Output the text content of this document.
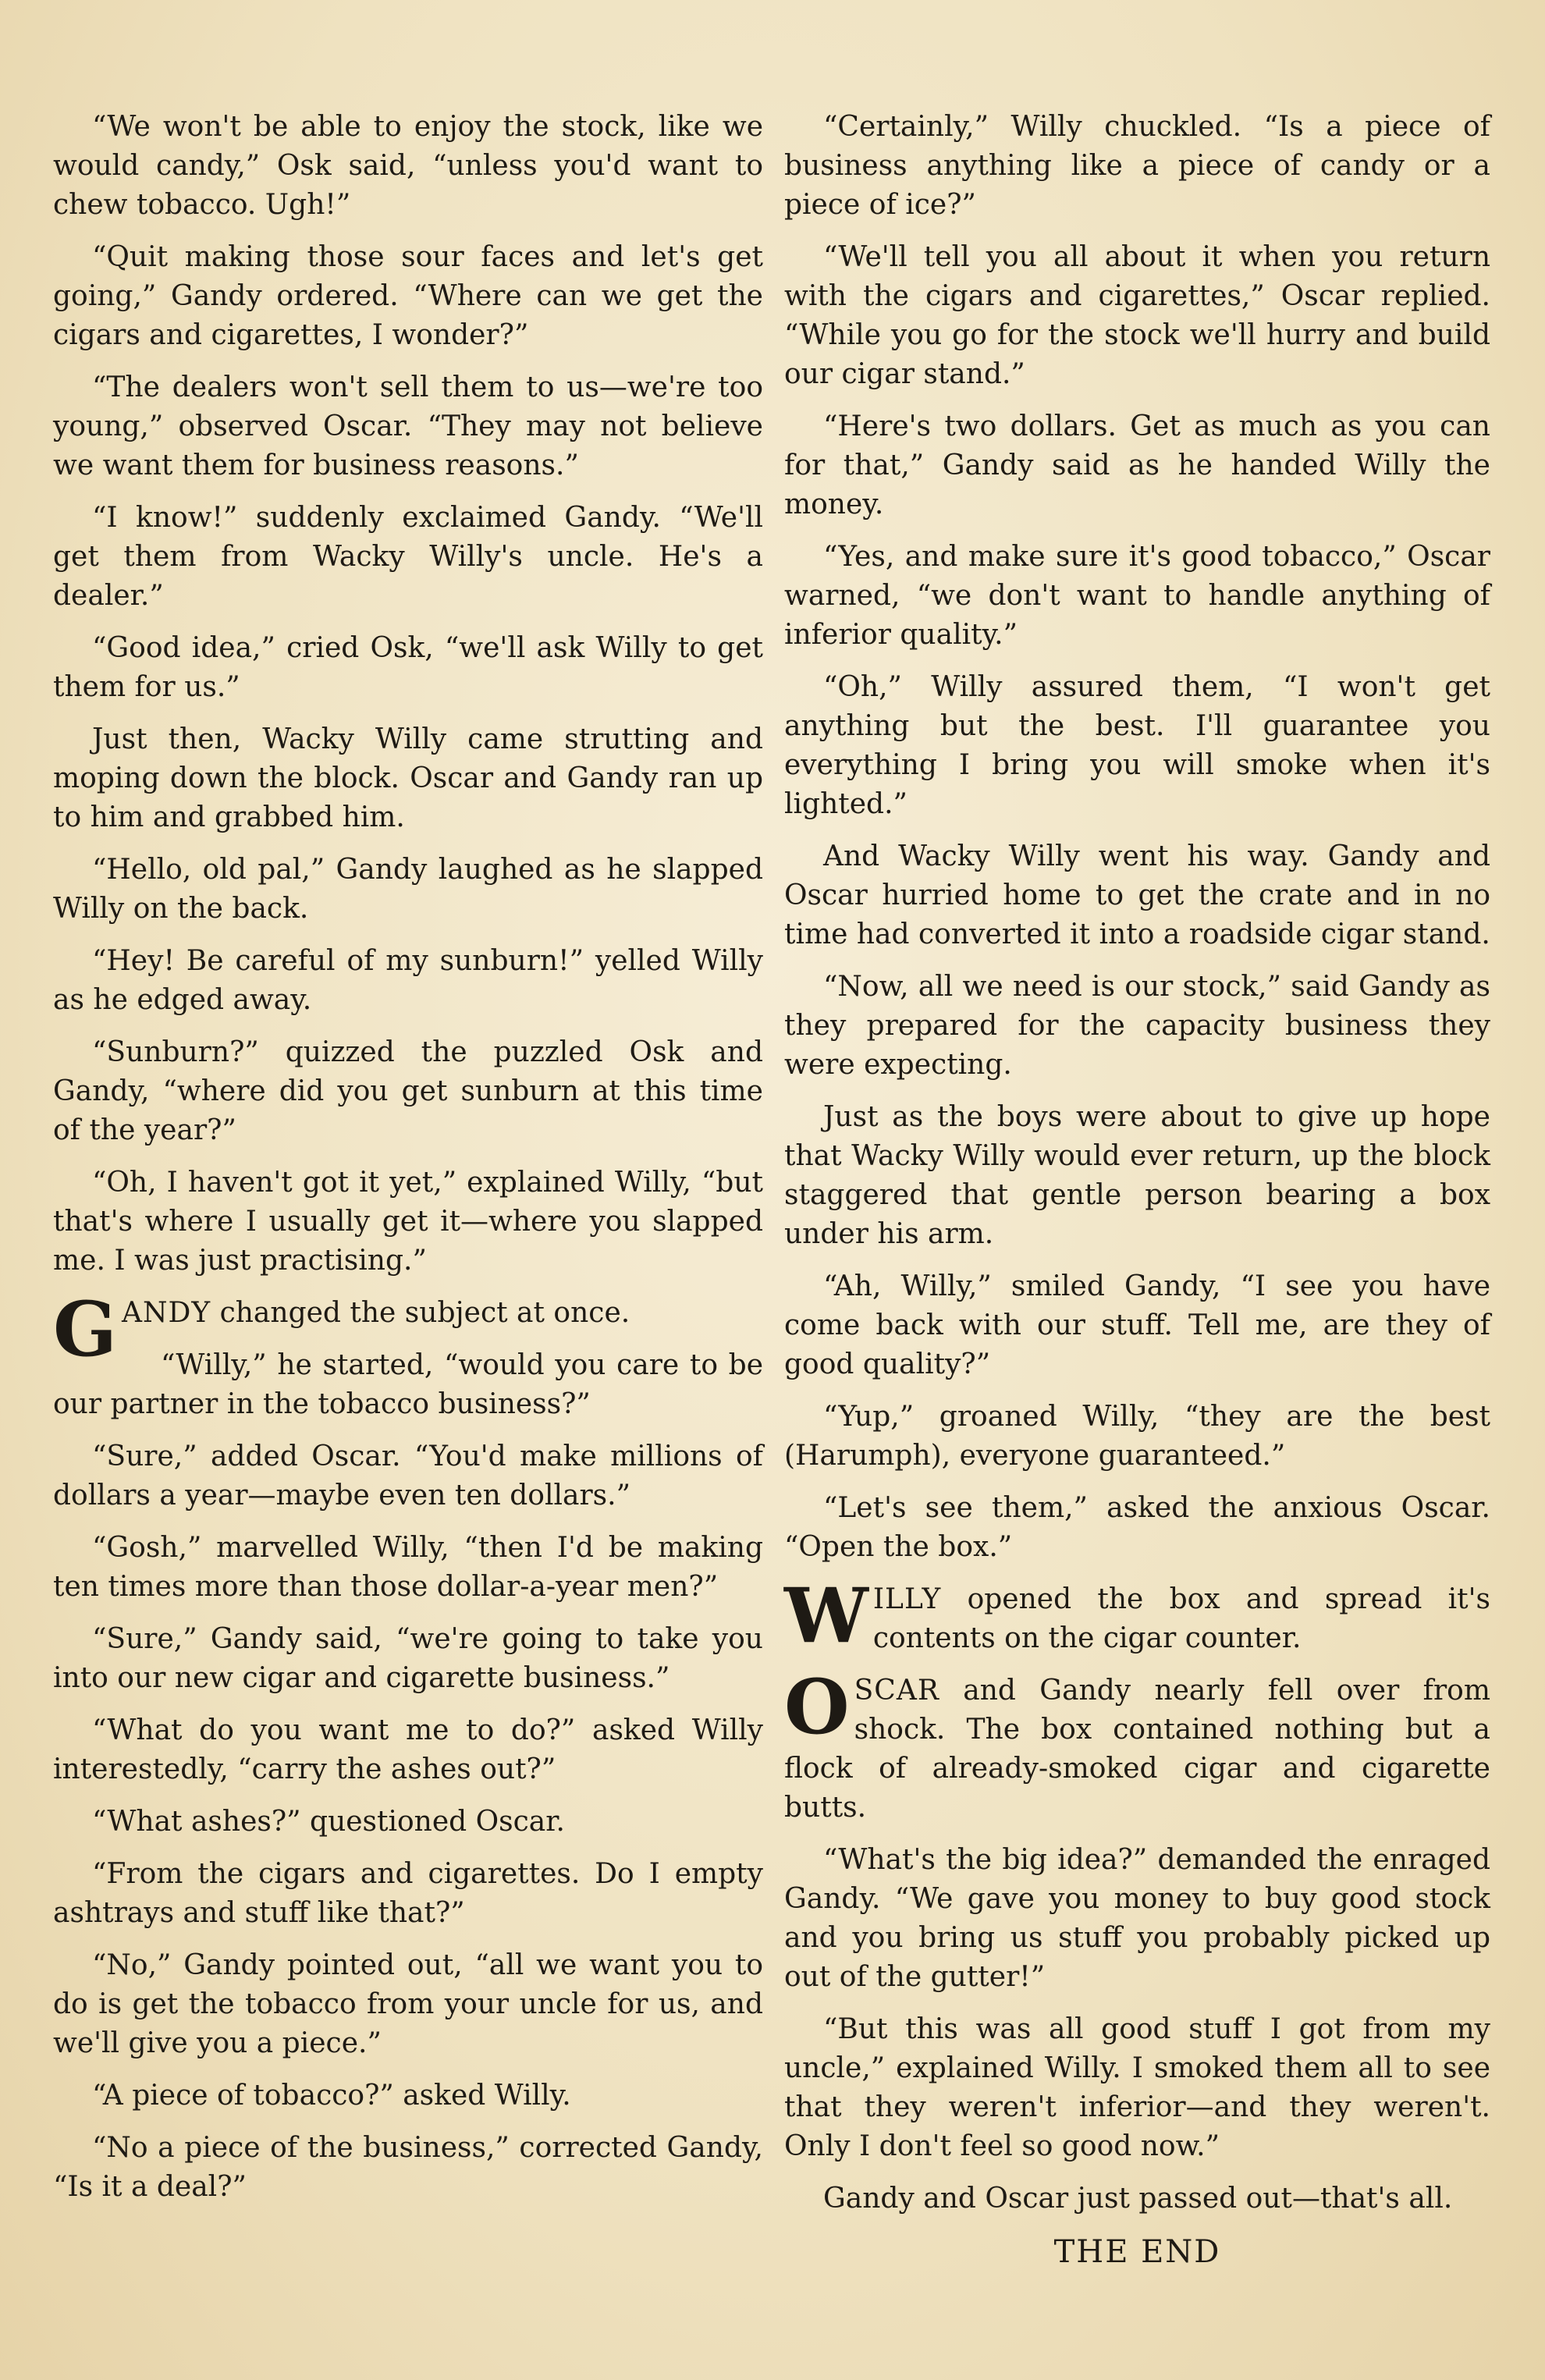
“We won't be able to enjoy the stock, like we would candy,” Osk said, “unless you'd want to chew tobacco. Ugh!”

“Quit making those sour faces and let's get going,” Gandy ordered. “Where can we get the cigars and cigarettes, I wonder?”

“The dealers won't sell them to us—we're too young,” observed Oscar. “They may not believe we want them for business reasons.”

“I know!” suddenly exclaimed Gandy. “We'll get them from Wacky Willy's uncle. He's a dealer.”

“Good idea,” cried Osk, “we'll ask Willy to get them for us.”

Just then, Wacky Willy came strutting and moping down the block. Oscar and Gandy ran up to him and grabbed him.

“Hello, old pal,” Gandy laughed as he slapped Willy on the back.

“Hey! Be careful of my sunburn!” yelled Willy as he edged away.

“Sunburn?” quizzed the puzzled Osk and Gandy, “where did you get sunburn at this time of the year?”

“Oh, I haven't got it yet,” explained Willy, “but that's where I usually get it—where you slapped me. I was just practising.”

GANDY changed the subject at once.

“Willy,” he started, “would you care to be our partner in the tobacco business?”

“Sure,” added Oscar. “You'd make millions of dollars a year—maybe even ten dollars.”

“Gosh,” marvelled Willy, “then I'd be making ten times more than those dollar-a-year men?”

“Sure,” Gandy said, “we're going to take you into our new cigar and cigarette business.”

“What do you want me to do?” asked Willy interestedly, “carry the ashes out?”

“What ashes?” questioned Oscar.

“From the cigars and cigarettes. Do I empty ashtrays and stuff like that?”

“No,” Gandy pointed out, “all we want you to do is get the tobacco from your uncle for us, and we'll give you a piece.”

“A piece of tobacco?” asked Willy.

“No a piece of the business,” corrected Gandy, “Is it a deal?”

“Certainly,” Willy chuckled. “Is a piece of business anything like a piece of candy or a piece of ice?”

“We'll tell you all about it when you return with the cigars and cigarettes,” Oscar replied. “While you go for the stock we'll hurry and build our cigar stand.”

“Here's two dollars. Get as much as you can for that,” Gandy said as he handed Willy the money.

“Yes, and make sure it's good tobacco,” Oscar warned, “we don't want to handle anything of inferior quality.”

“Oh,” Willy assured them, “I won't get anything but the best. I'll guarantee you everything I bring you will smoke when it's lighted.”

And Wacky Willy went his way. Gandy and Oscar hurried home to get the crate and in no time had converted it into a roadside cigar stand.

“Now, all we need is our stock,” said Gandy as they prepared for the capacity business they were expecting.

Just as the boys were about to give up hope that Wacky Willy would ever return, up the block staggered that gentle person bearing a box under his arm.

“Ah, Willy,” smiled Gandy, “I see you have come back with our stuff. Tell me, are they of good quality?”

“Yup,” groaned Willy, “they are the best (Harumph), everyone guaranteed.”

“Let's see them,” asked the anxious Oscar. “Open the box.”

WILLY opened the box and spread it's contents on the cigar counter.

OSCAR and Gandy nearly fell over from shock. The box contained nothing but a flock of already-smoked cigar and cigarette butts.

“What's the big idea?” demanded the enraged Gandy. “We gave you money to buy good stock and you bring us stuff you probably picked up out of the gutter!”

“But this was all good stuff I got from my uncle,” explained Willy. I smoked them all to see that they weren't inferior—and they weren't. Only I don't feel so good now.”

Gandy and Oscar just passed out—that's all.

THE END
